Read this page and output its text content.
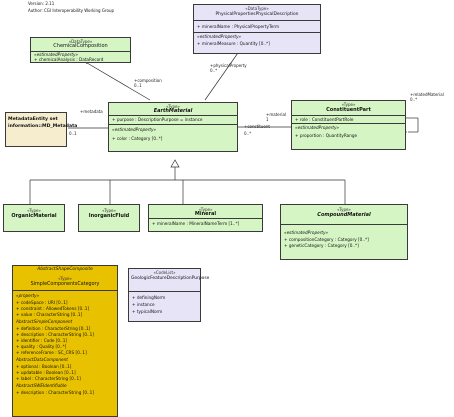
Version: 2.11
Author: CGI Interoperability Working Group
«DataType»
ChemicalComposition
«estimatedProperty»
+ chemicalAnalysis : DataRecord
«DataType»
PhysicalPropertiesPhysicalDescription
+ mineralName : PhysicalPropertyTerm
«estimatedProperty»
+ mineralMeasure : Quantity [0..*]
MetadataEntity set information::MD_Metadata
«Type»
EarthMaterial
+ purpose : DescriptionPurpose = instance
«estimatedProperty»
+ color : Category [0..*]
«Type»
ConstituentPart
+ role : ConstituentPartRole
«estimatedProperty»
+ proportion : QuantityRange
«Type»
OrganicMaterial
«Type»
InorganicFluid
«Type»
Mineral
+ mineralName : MineralNameTerm [1..*]
«Type»
CompoundMaterial
«estimatedProperty»
+ compositionCategory : Category [0..*]
+ geneticCategory : Category [0..*]
AbstractShapeComposite
«Type»
SimpleComponentsCategory
«property»
+ codeSpace : URI [0..1]
+ constraint : AllowedTokens [0..1]
+ value : CharacterString [0..1]
AbstractSimpleComponent
+ definition : CharacterString [0..1]
+ description : CharacterString [0..1]
+ identifier : Code [0..1]
+ quality : Quality [0..*]
+ referenceFrame : SC_CRS [0..1]
AbstractDataComponent
+ optional : Boolean [0..1]
+ updatable : Boolean [0..1]
+ label : CharacterString [0..1]
AbstractSWEIdentifiable
+ description : CharacterString [0..1]
«CodeList»
GeologicFeatureDescriptionPurpose
+ definingNorm
+ instance
+ typicalNorm
+composition
0..1
+physicalProperty
0..*
+metadata
0..1
+constituent
0..*
+material
1
+relatedMaterial
0..*
